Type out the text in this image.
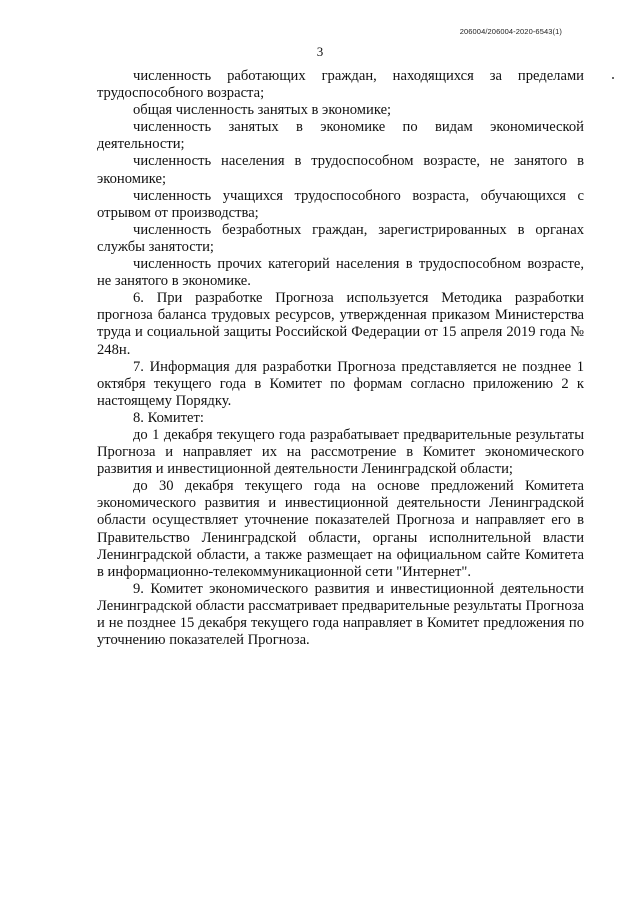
206004/206004-2020-6543(1)
3

численность работающих граждан, находящихся за пределами трудоспособного возраста;

общая численность занятых в экономике;

численность занятых в экономике по видам экономической деятельности;

численность населения в трудоспособном возрасте, не занятого в экономике;

численность учащихся трудоспособного возраста, обучающихся с отрывом от производства;

численность безработных граждан, зарегистрированных в органах службы занятости;

численность прочих категорий населения в трудоспособном возрасте, не занятого в экономике.

6. При разработке Прогноза используется Методика разработки прогноза баланса трудовых ресурсов, утвержденная приказом Министерства труда и социальной защиты Российской Федерации от 15 апреля 2019 года № 248н.

7. Информация для разработки Прогноза представляется не позднее 1 октября текущего года в Комитет по формам согласно приложению 2 к настоящему Порядку.

8. Комитет:

до 1 декабря текущего года разрабатывает предварительные результаты Прогноза и направляет их на рассмотрение в Комитет экономического развития и инвестиционной деятельности Ленинградской области;

до 30 декабря текущего года на основе предложений Комитета экономического развития и инвестиционной деятельности Ленинградской области осуществляет уточнение показателей Прогноза и направляет его в Правительство Ленинградской области, органы исполнительной власти Ленинградской области, а также размещает на официальном сайте Комитета в информационно-телекоммуникационной сети "Интернет".

9. Комитет экономического развития и инвестиционной деятельности Ленинградской области рассматривает предварительные результаты Прогноза и не позднее 15 декабря текущего года направляет в Комитет предложения по уточнению показателей Прогноза.
